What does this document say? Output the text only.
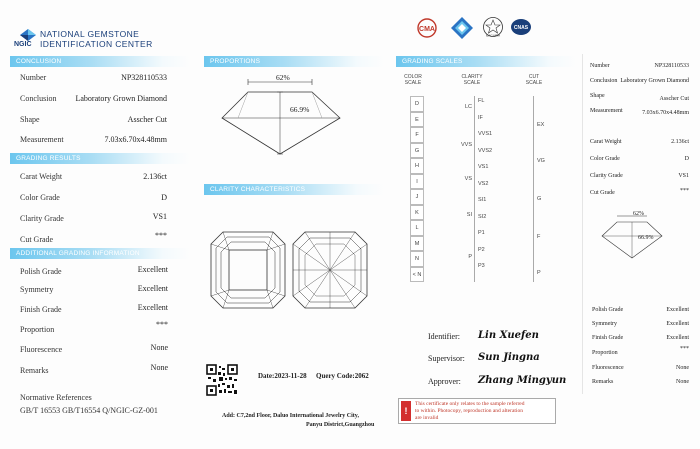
NGIC
NATIONAL GEMSTONE
IDENTIFICATION CENTER
CMA
ILAC-MRA
CNAS
CONCLUSION
Number	NP328110533
Conclusion Laboratory Grown Diamond
Shape	Asscher Cut
Measurement	7.03x6.70x4.48mm
GRADING RESULTS
Carat Weight	2.136ct
Color Grade	D
Clarity Grade	VS1
Cut Grade	***
ADDITIONAL GRADING INFORMATION
Polish Grade	Excellent
Symmetry	Excellent
Finish Grade	Excellent
Proportion
***
Fluorescence	None
Remarks	None
Normative References
GB/T 16553 GB/T16554 Q/NGIC-GZ-001
PROPORTIONS
62%
66.9%
CLARITY CHARACTERISTICS
Date:2023-11-28 Query Code:2062
Add: C7,2nd Floor, Daluo International Jewelry City,
Panyu District,Guangzhou
GRADING SCALES
COLOR SCALE
CLARITY SCALE
CUT SCALE
D
E
F
G
H
I
J
K
L
M
N
< N
LC
VVS
VS
SI
P
FL
IF
VVS1
VVS2
VS1
VS2
SI1
SI2
P1
P2
P3
EX
VG
G
F
P
Identifier: Lin Xuefen
Supervisor: Sun Jingna
Approver: Zhang Mingyun
!
This certificate only relates to the sample referred
to within. Photocopy, reproduction and alteration
are invalid
Number	NP328110533
Conclusion Laboratory Grown Diamond
Shape	Asscher Cut
Measurement	7.03x6.70x4.48mm
Carat Weight	2.136ct
Color Grade	D
Clarity Grade	VS1
Cut Grade	***
62%
66.9%
Polish Grade	Excellent
Symmetry	Excellent
Finish Grade	Excellent
Proportion
***
Fluorescence	None
Remarks	None
